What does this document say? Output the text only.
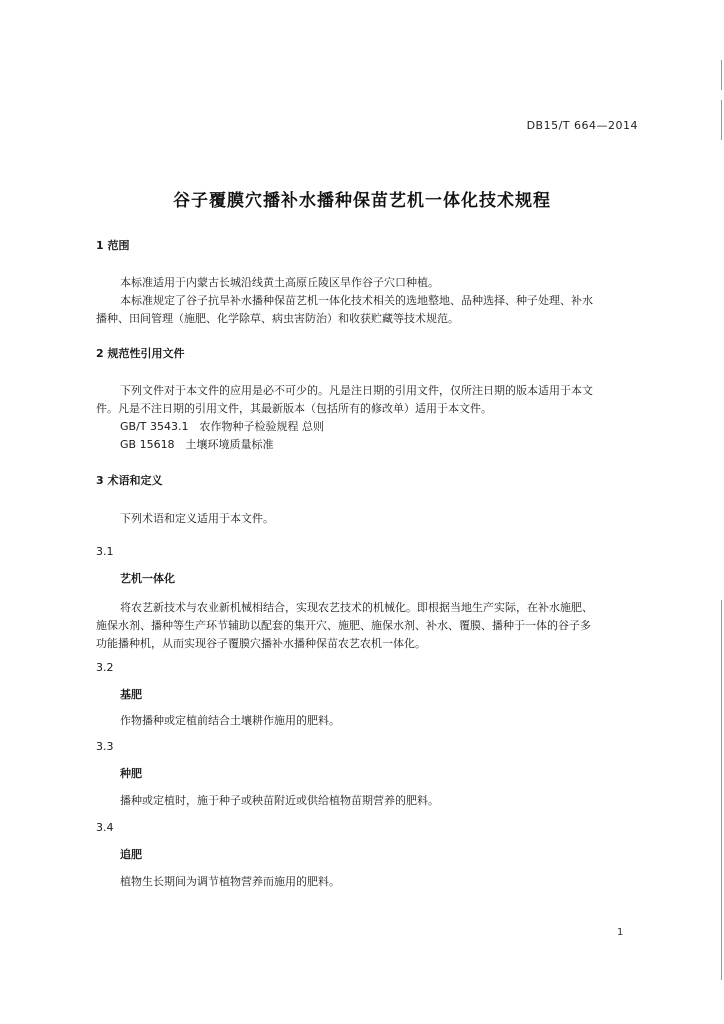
DB15/T 664—2014
谷子覆膜穴播补水播种保苗艺机一体化技术规程
1 范围
本标准适用于内蒙古长城沿线黄土高原丘陵区旱作谷子穴口种植。
本标准规定了谷子抗旱补水播种保苗艺机一体化技术相关的选地整地、品种选择、种子处理、补水
播种、田间管理（施肥、化学除草、病虫害防治）和收获贮藏等技术规范。
2 规范性引用文件
下列文件对于本文件的应用是必不可少的。凡是注日期的引用文件，仅所注日期的版本适用于本文
件。凡是不注日期的引用文件，其最新版本（包括所有的修改单）适用于本文件。
GB/T 3543.1　农作物种子检验规程 总则
GB 15618　土壤环境质量标准
3 术语和定义
下列术语和定义适用于本文件。
3.1
艺机一体化
将农艺新技术与农业新机械相结合，实现农艺技术的机械化。即根据当地生产实际，在补水施肥、
施保水剂、播种等生产环节辅助以配套的集开穴、施肥、施保水剂、补水、覆膜、播种于一体的谷子多
功能播种机，从而实现谷子覆膜穴播补水播种保苗农艺农机一体化。
3.2
基肥
作物播种或定植前结合土壤耕作施用的肥料。
3.3
种肥
播种或定植时，施于种子或秧苗附近或供给植物苗期营养的肥料。
3.4
追肥
植物生长期间为调节植物营养而施用的肥料。
1
